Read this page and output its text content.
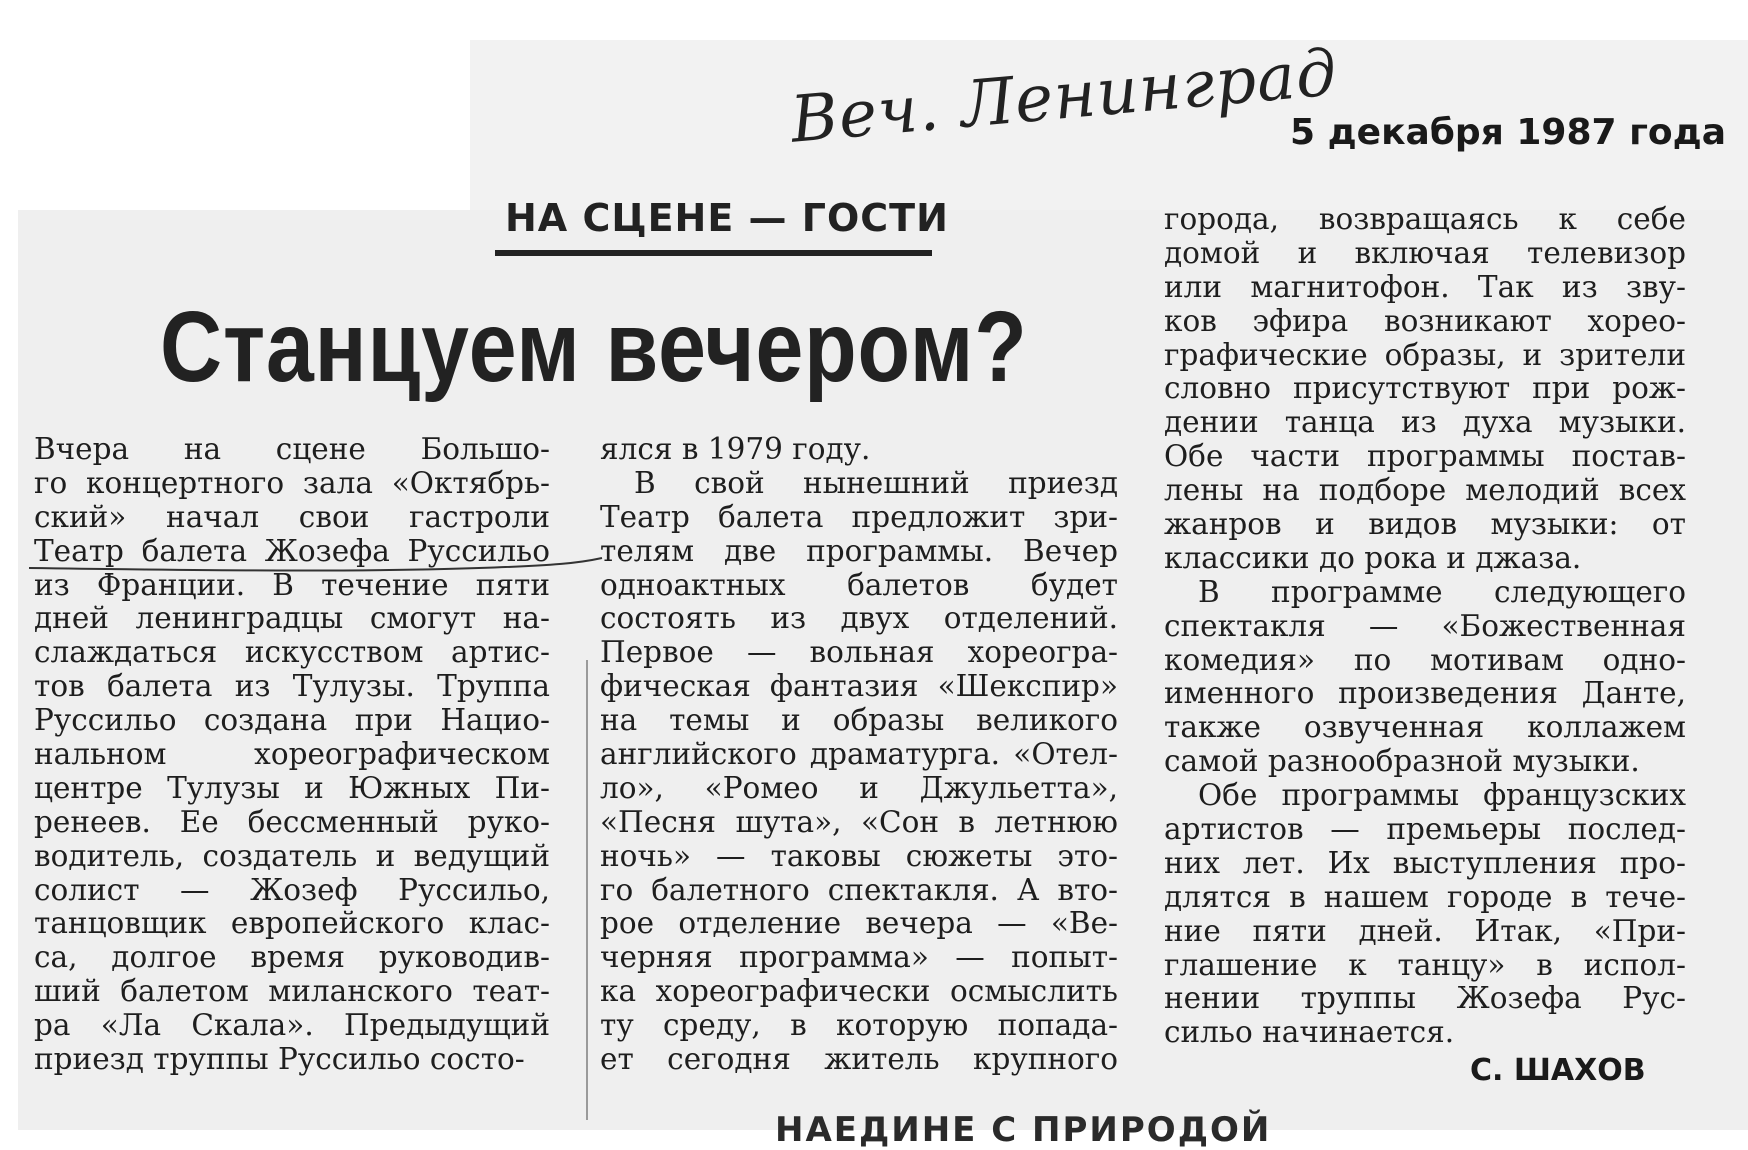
Веч. Ленинград
5 декабря 1987 года
НА СЦЕНЕ — ГОСТИ
Станцуем вечером?
Вчера на сцене Большо-
го концертного зала «Октябрь-
ский» начал свои гастроли
Театр балета Жозефа Руссильо
из Франции. В течение пяти
дней ленинградцы смогут на-
слаждаться искусством артис-
тов балета из Тулузы. Труппа
Руссильо создана при Нацио-
нальном хореографическом
центре Тулузы и Южных Пи-
ренеев. Ее бессменный руко-
водитель, создатель и ведущий
солист — Жозеф Руссильо,
танцовщик европейского клас-
са, долгое время руководив-
ший балетом миланского теат-
ра «Ла Скала». Предыдущий
приезд труппы Руссильо состо-
ялся в 1979 году.
В свой нынешний приезд
Театр балета предложит зри-
телям две программы. Вечер
одноактных балетов будет
состоять из двух отделений.
Первое — вольная хореогра-
фическая фантазия «Шекспир»
на темы и образы великого
английского драматурга. «Отел-
ло», «Ромео и Джульетта»,
«Песня шута», «Сон в летнюю
ночь» — таковы сюжеты это-
го балетного спектакля. А вто-
рое отделение вечера — «Ве-
черняя программа» — попыт-
ка хореографически осмыслить
ту среду, в которую попада-
ет сегодня житель крупного
города, возвращаясь к себе
домой и включая телевизор
или магнитофон. Так из зву-
ков эфира возникают хорео-
графические образы, и зрители
словно присутствуют при рож-
дении танца из духа музыки.
Обе части программы постав-
лены на подборе мелодий всех
жанров и видов музыки: от
классики до рока и джаза.
В программе следующего
спектакля — «Божественная
комедия» по мотивам одно-
именного произведения Данте,
также озвученная коллажем
самой разнообразной музыки.
Обе программы французских
артистов — премьеры послед-
них лет. Их выступления про-
длятся в нашем городе в тече-
ние пяти дней. Итак, «При-
глашение к танцу» в испол-
нении труппы Жозефа Рус-
сильо начинается.
С. ШАХОВ
НАЕДИНЕ С ПРИРОДОЙ
